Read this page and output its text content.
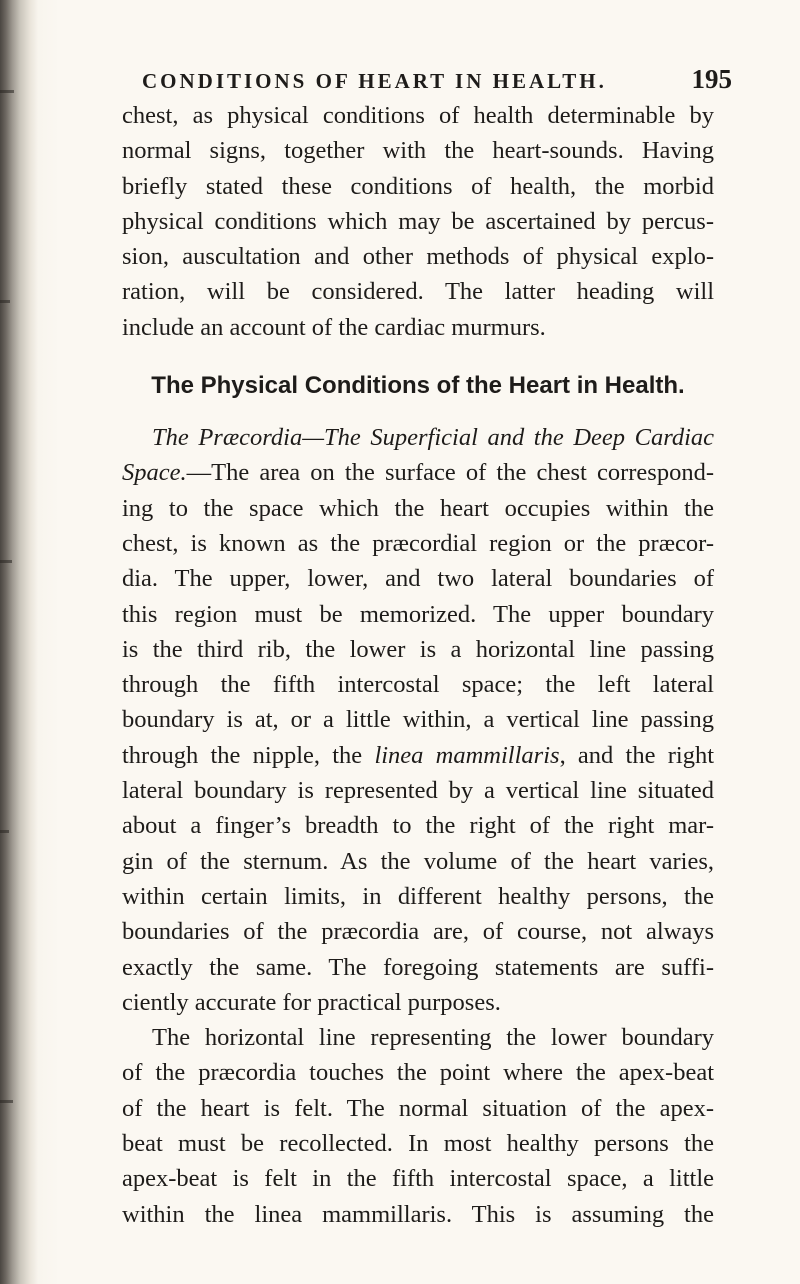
CONDITIONS OF HEART IN HEALTH.	195
chest, as physical conditions of health determinable by
normal signs, together with the heart-sounds. Having
briefly stated these conditions of health, the morbid
physical conditions which may be ascertained by percus-
sion, auscultation and other methods of physical explo-
ration, will be considered. The latter heading will
include an account of the cardiac murmurs.
The Physical Conditions of the Heart in Health.
The Præcordia—The Superficial and the Deep Cardiac
Space.—The area on the surface of the chest correspond-
ing to the space which the heart occupies within the
chest, is known as the præcordial region or the præcor-
dia. The upper, lower, and two lateral boundaries of
this region must be memorized. The upper boundary
is the third rib, the lower is a horizontal line passing
through the fifth intercostal space; the left lateral
boundary is at, or a little within, a vertical line passing
through the nipple, the linea mammillaris, and the right
lateral boundary is represented by a vertical line situated
about a finger’s breadth to the right of the right mar-
gin of the sternum. As the volume of the heart varies,
within certain limits, in different healthy persons, the
boundaries of the præcordia are, of course, not always
exactly the same. The foregoing statements are suffi-
ciently accurate for practical purposes.
The horizontal line representing the lower boundary
of the præcordia touches the point where the apex-beat
of the heart is felt. The normal situation of the apex-
beat must be recollected. In most healthy persons the
apex-beat is felt in the fifth intercostal space, a little
within the linea mammillaris. This is assuming the
